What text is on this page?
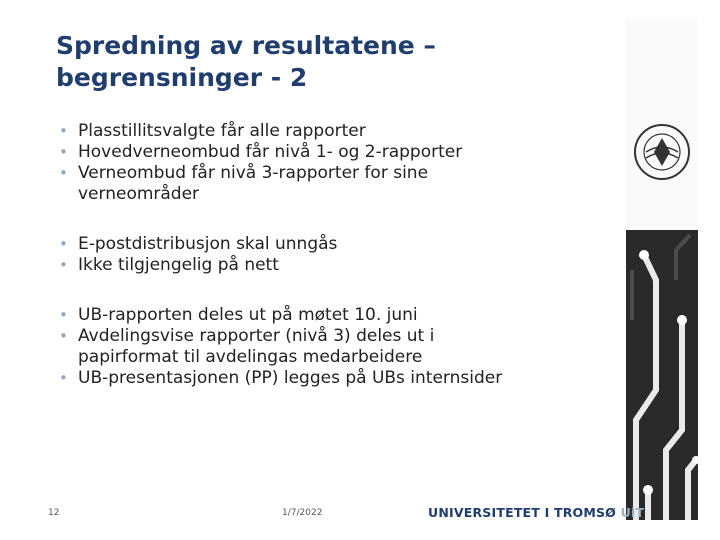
Spredning av resultatene –
begrensninger - 2
• Plasstillitsvalgte får alle rapporter
• Hovedverneombud får nivå 1- og 2-rapporter
• Verneombud får nivå 3-rapporter for sine
verneområder
• E-postdistribusjon skal unngås
• Ikke tilgjengelig på nett
• UB-rapporten deles ut på møtet 10. juni
• Avdelingsvise rapporter (nivå 3) deles ut i
papirformat til avdelingas medarbeidere
• UB-presentasjonen (PP) legges på UBs internsider
12	1/7/2022	UNIVERSITETET I TROMSØ UiT
